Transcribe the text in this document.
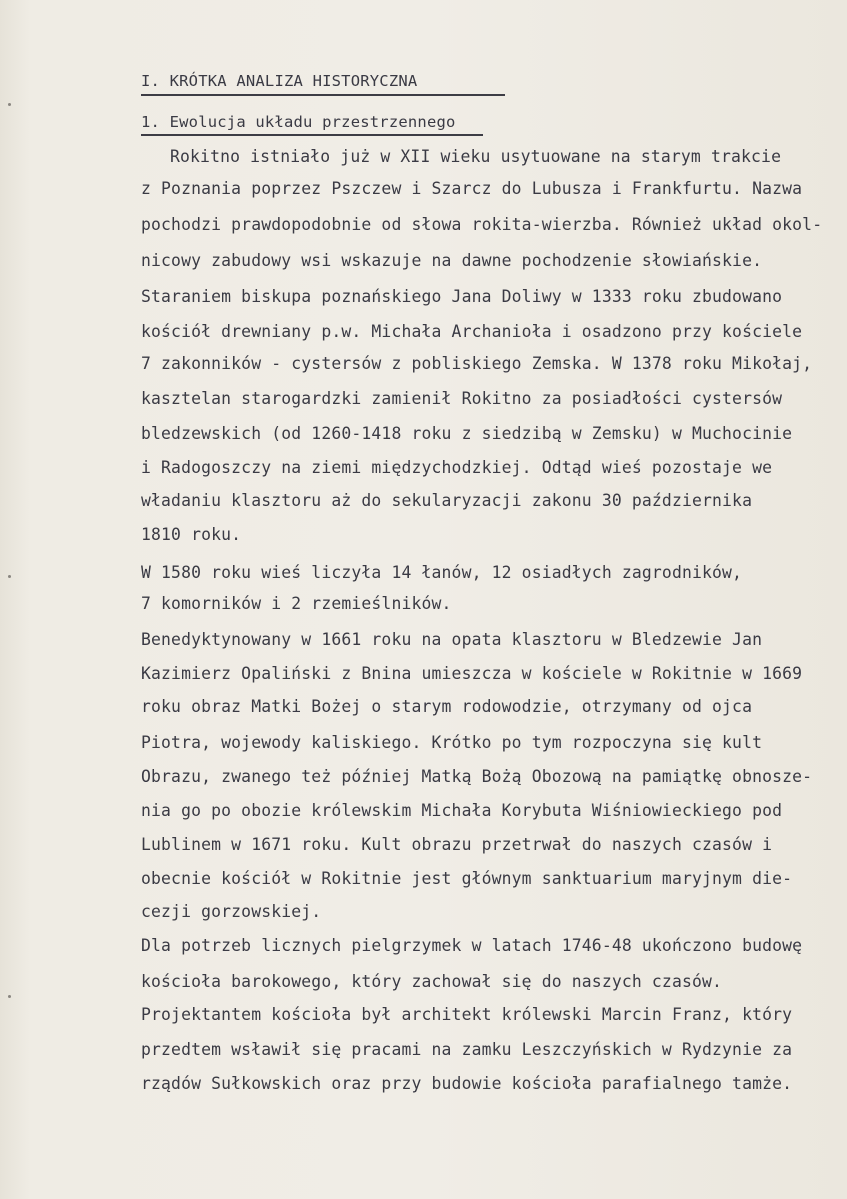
I. KRÓTKA ANALIZA HISTORYCZNA
1. Ewolucja układu przestrzennego
Rokitno istniało już w XII wieku usytuowane na starym trakcie
z Poznania poprzez Pszczew i Szarcz do Lubusza i Frankfurtu. Nazwa
pochodzi prawdopodobnie od słowa rokita-wierzba. Również układ okol-
nicowy zabudowy wsi wskazuje na dawne pochodzenie słowiańskie.
Staraniem biskupa poznańskiego Jana Doliwy w 1333 roku zbudowano
kościół drewniany p.w. Michała Archanioła i osadzono przy kościele
7 zakonników - cystersów z pobliskiego Zemska. W 1378 roku Mikołaj,
kasztelan starogardzki zamienił Rokitno za posiadłości cystersów
bledzewskich (od 1260-1418 roku z siedzibą w Zemsku) w Muchocinie
i Radogoszczy na ziemi międzychodzkiej. Odtąd wieś pozostaje we
władaniu klasztoru aż do sekularyzacji zakonu 30 października
1810 roku.
W 1580 roku wieś liczyła 14 łanów, 12 osiadłych zagrodników,
7 komorników i 2 rzemieślników.
Benedyktynowany w 1661 roku na opata klasztoru w Bledzewie Jan
Kazimierz Opaliński z Bnina umieszcza w kościele w Rokitnie w 1669
roku obraz Matki Bożej o starym rodowodzie, otrzymany od ojca
Piotra, wojewody kaliskiego. Krótko po tym rozpoczyna się kult
Obrazu, zwanego też później Matką Bożą Obozową na pamiątkę obnosze-
nia go po obozie królewskim Michała Korybuta Wiśniowieckiego pod
Lublinem w 1671 roku. Kult obrazu przetrwał do naszych czasów i
obecnie kościół w Rokitnie jest głównym sanktuarium maryjnym die-
cezji gorzowskiej.
Dla potrzeb licznych pielgrzymek w latach 1746-48 ukończono budowę
kościoła barokowego, który zachował się do naszych czasów.
Projektantem kościoła był architekt królewski Marcin Franz, który
przedtem wsławił się pracami na zamku Leszczyńskich w Rydzynie za
rządów Sułkowskich oraz przy budowie kościoła parafialnego tamże.
